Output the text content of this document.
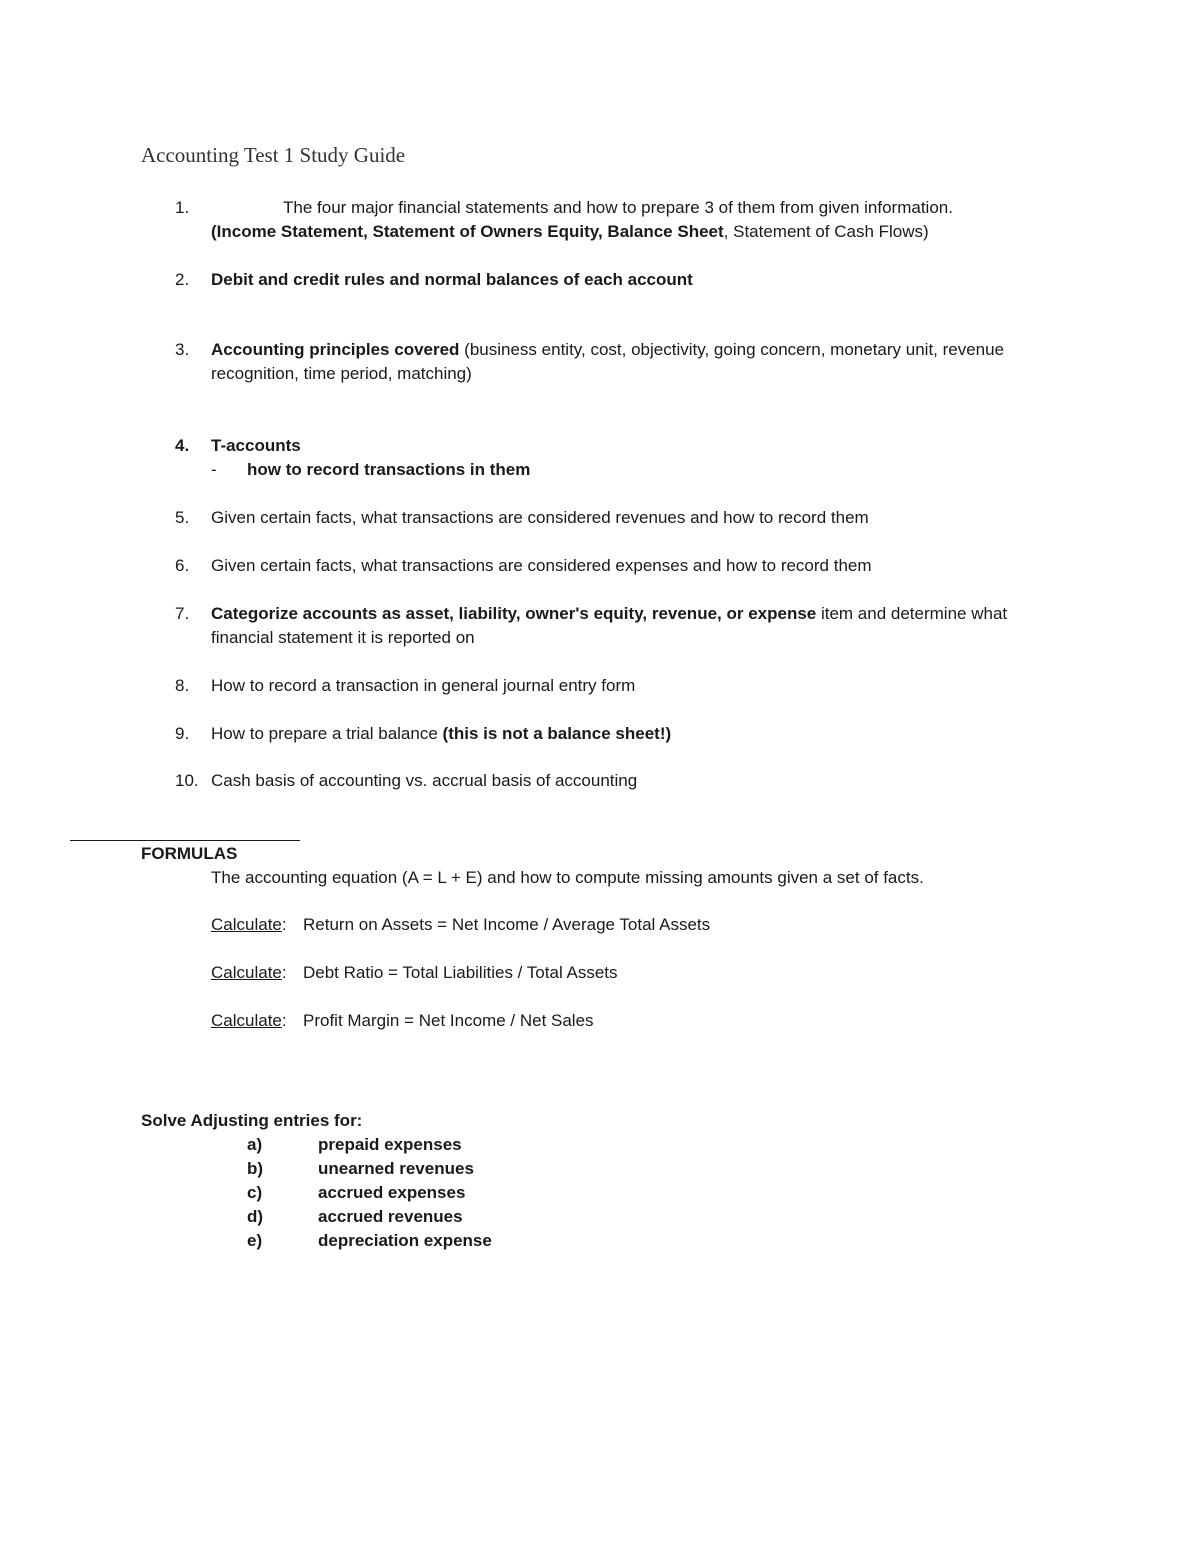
Accounting Test 1 Study Guide
1.	The four major financial statements and how to prepare 3 of them from given information.
(Income Statement, Statement of Owners Equity, Balance Sheet, Statement of Cash Flows)
2. Debit and credit rules and normal balances of each account
3. Accounting principles covered (business entity, cost, objectivity, going concern, monetary unit, revenue recognition, time period, matching)
4. T-accounts
- how to record transactions in them
5. Given certain facts, what transactions are considered revenues and how to record them
6. Given certain facts, what transactions are considered expenses and how to record them
7. Categorize accounts as asset, liability, owner's equity, revenue, or expense item and determine what financial statement it is reported on
8. How to record a transaction in general journal entry form
9. How to prepare a trial balance (this is not a balance sheet!)
10. Cash basis of accounting vs. accrual basis of accounting
FORMULAS
The accounting equation (A = L + E) and how to compute missing amounts given a set of facts.
Calculate: Return on Assets = Net Income / Average Total Assets
Calculate: Debt Ratio = Total Liabilities / Total Assets
Calculate: Profit Margin = Net Income / Net Sales
Solve Adjusting entries for:
a)	prepaid expenses
b)	unearned revenues
c)	accrued expenses
d)	accrued revenues
e)	depreciation expense
